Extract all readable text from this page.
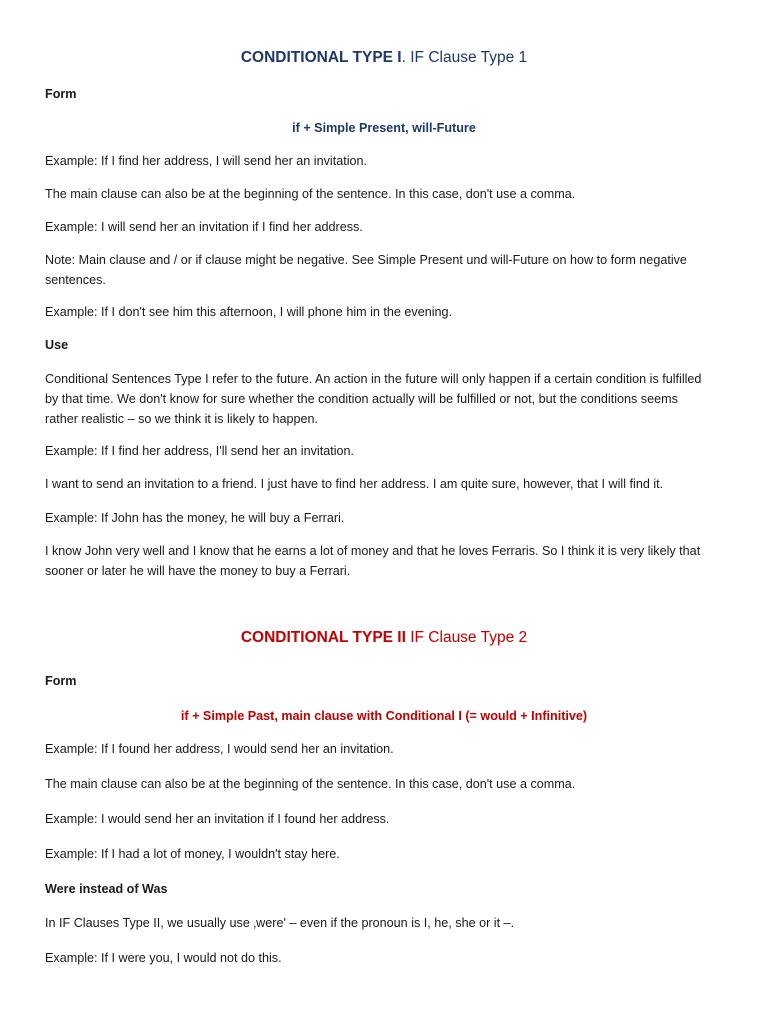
CONDITIONAL TYPE I. IF Clause Type 1
Form
if + Simple Present, will-Future
Example: If I find her address, I will send her an invitation.
The main clause can also be at the beginning of the sentence. In this case, don't use a comma.
Example: I will send her an invitation if I find her address.
Note: Main clause and / or if clause might be negative. See Simple Present und will-Future on how to form negative
sentences.
Example: If I don't see him this afternoon, I will phone him in the evening.
Use
Conditional Sentences Type I refer to the future. An action in the future will only happen if a certain condition is fulfilled
by that time. We don't know for sure whether the condition actually will be fulfilled or not, but the conditions seems
rather realistic – so we think it is likely to happen.
Example: If I find her address, I'll send her an invitation.
I want to send an invitation to a friend. I just have to find her address. I am quite sure, however, that I will find it.
Example: If John has the money, he will buy a Ferrari.
I know John very well and I know that he earns a lot of money and that he loves Ferraris. So I think it is very likely that
sooner or later he will have the money to buy a Ferrari.
CONDITIONAL TYPE II IF Clause Type 2
Form
if + Simple Past, main clause with Conditional I (= would + Infinitive)
Example: If I found her address, I would send her an invitation.
The main clause can also be at the beginning of the sentence. In this case, don't use a comma.
Example: I would send her an invitation if I found her address.
Example: If I had a lot of money, I wouldn't stay here.
Were instead of Was
In IF Clauses Type II, we usually use ‚were' – even if the pronoun is I, he, she or it –.
Example: If I were you, I would not do this.
